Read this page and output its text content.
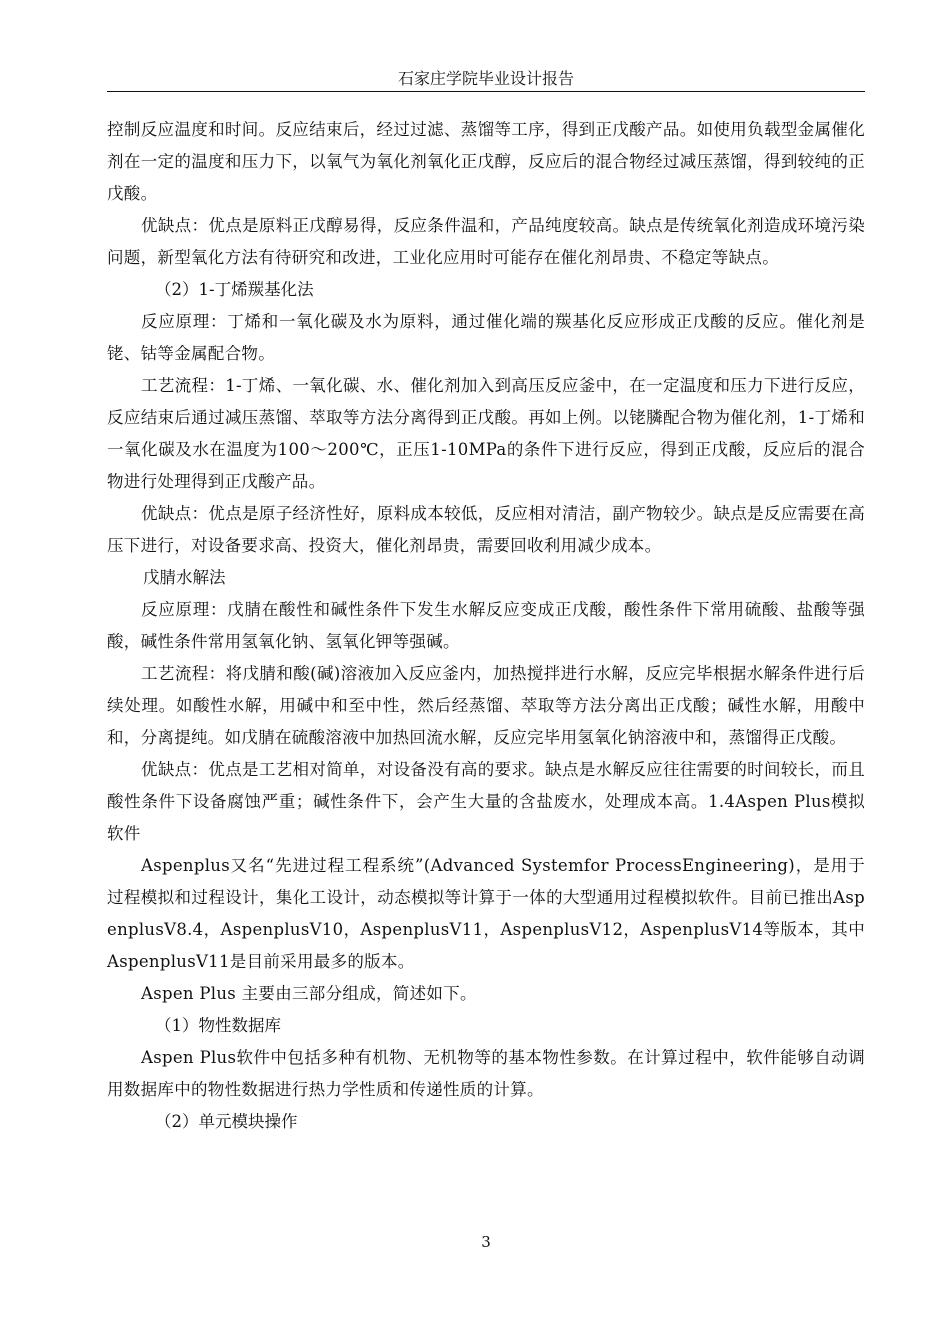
石家庄学院毕业设计报告

控制反应温度和时间。反应结束后，经过过滤、蒸馏等工序，得到正戊酸产品。如使用负载型金属催化剂在一定的温度和压力下，以氧气为氧化剂氧化正戊醇，反应后的混合物经过减压蒸馏，得到较纯的正戊酸。

优缺点：优点是原料正戊醇易得，反应条件温和，产品纯度较高。缺点是传统氧化剂造成环境污染问题，新型氧化方法有待研究和改进，工业化应用时可能存在催化剂昂贵、不稳定等缺点。

（2）1-丁烯羰基化法

反应原理：丁烯和一氧化碳及水为原料，通过催化端的羰基化反应形成正戊酸的反应。催化剂是铑、钴等金属配合物。

工艺流程：1-丁烯、一氧化碳、水、催化剂加入到高压反应釜中，在一定温度和压力下进行反应，反应结束后通过减压蒸馏、萃取等方法分离得到正戊酸。再如上例。以铑膦配合物为催化剂，1-丁烯和一氧化碳及水在温度为100～200℃，正压1-10MPa的条件下进行反应，得到正戊酸，反应后的混合物进行处理得到正戊酸产品。

优缺点：优点是原子经济性好，原料成本较低，反应相对清洁，副产物较少。缺点是反应需要在高压下进行，对设备要求高、投资大，催化剂昂贵，需要回收利用减少成本。

戊腈水解法

反应原理：戊腈在酸性和碱性条件下发生水解反应变成正戊酸，酸性条件下常用硫酸、盐酸等强酸，碱性条件常用氢氧化钠、氢氧化钾等强碱。

工艺流程：将戊腈和酸(碱)溶液加入反应釜内，加热搅拌进行水解，反应完毕根据水解条件进行后续处理。如酸性水解，用碱中和至中性，然后经蒸馏、萃取等方法分离出正戊酸；碱性水解，用酸中和，分离提纯。如戊腈在硫酸溶液中加热回流水解，反应完毕用氢氧化钠溶液中和，蒸馏得正戊酸。

优缺点：优点是工艺相对简单，对设备没有高的要求。缺点是水解反应往往需要的时间较长，而且酸性条件下设备腐蚀严重；碱性条件下，会产生大量的含盐废水，处理成本高。1.4Aspen Plus模拟软件

Aspenplus又名“先进过程工程系统”(Advanced Systemfor ProcessEngineering)，是用于过程模拟和过程设计，集化工设计，动态模拟等计算于一体的大型通用过程模拟软件。目前已推出AspenplusV8.4，AspenplusV10，AspenplusV11，AspenplusV12，AspenplusV14等版本，其中AspenplusV11是目前采用最多的版本。

Aspen Plus 主要由三部分组成，简述如下。

（1）物性数据库

Aspen Plus软件中包括多种有机物、无机物等的基本物性参数。在计算过程中，软件能够自动调用数据库中的物性数据进行热力学性质和传递性质的计算。

（2）单元模块操作

3
